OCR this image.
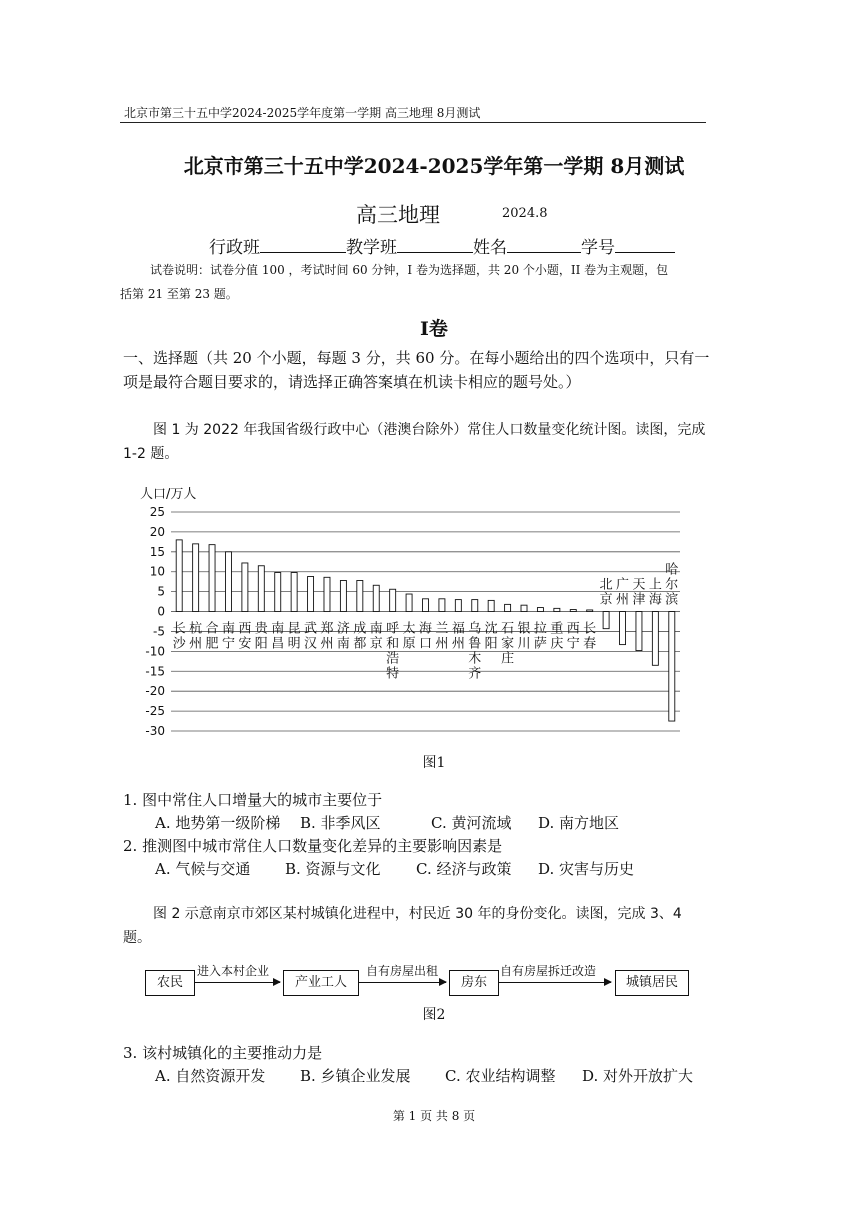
北京市第三十五中学2024-2025学年度第一学期 高三地理 8月测试
北京市第三十五中学2024-2025学年第一学期 8月测试
高三地理	2024.8
行政班	教学班	姓名	学号
试卷说明：试卷分值 100 ，考试时间 60 分钟，I 卷为选择题，共 20 个小题，II 卷为主观题，包
括第 21 至第 23 题。
I卷
一、选择题（共 20 个小题，每题 3 分，共 60 分。在每小题给出的四个选项中，只有一项是最符合题目要求的，请选择正确答案填在机读卡相应的题号处。）
图 1 为 2022 年我国省级行政中心（港澳台除外）常住人口数量变化统计图。读图，完成 1-2 题。
人口/万人
25
20
15
10
5
0
-5
-10
-15
-20
-25
-30
长
沙
杭
州
合
肥
南
宁
西
安
贵
阳
南
昌
昆
明
武
汉
郑
州
济
南
成
都
南
京
呼
和
浩
特
太
原
海
口
兰
州
福
州
乌
鲁
木
齐
沈
阳
石
家
庄
银
川
拉
萨
重
庆
西
宁
长
春
北
京
广
州
天
津
上
海
哈
尔
滨
图1
1. 图中常住人口增量大的城市主要位于
A. 地势第一级阶梯 B. 非季风区	C. 黄河流域 D. 南方地区
2. 推测图中城市常住人口数量变化差异的主要影响因素是
A. 气候与交通 B. 资源与文化 C. 经济与政策 D. 灾害与历史
图 2 示意南京市郊区某村城镇化进程中，村民近 30 年的身份变化。读图，完成 3、4 题。
农民
进入本村企业
产业工人
自有房屋出租
房东
自有房屋拆迁改造
城镇居民
图2
3. 该村城镇化的主要推动力是
A. 自然资源开发 B. 乡镇企业发展 C. 农业结构调整 D. 对外开放扩大
第 1 页 共 8 页
